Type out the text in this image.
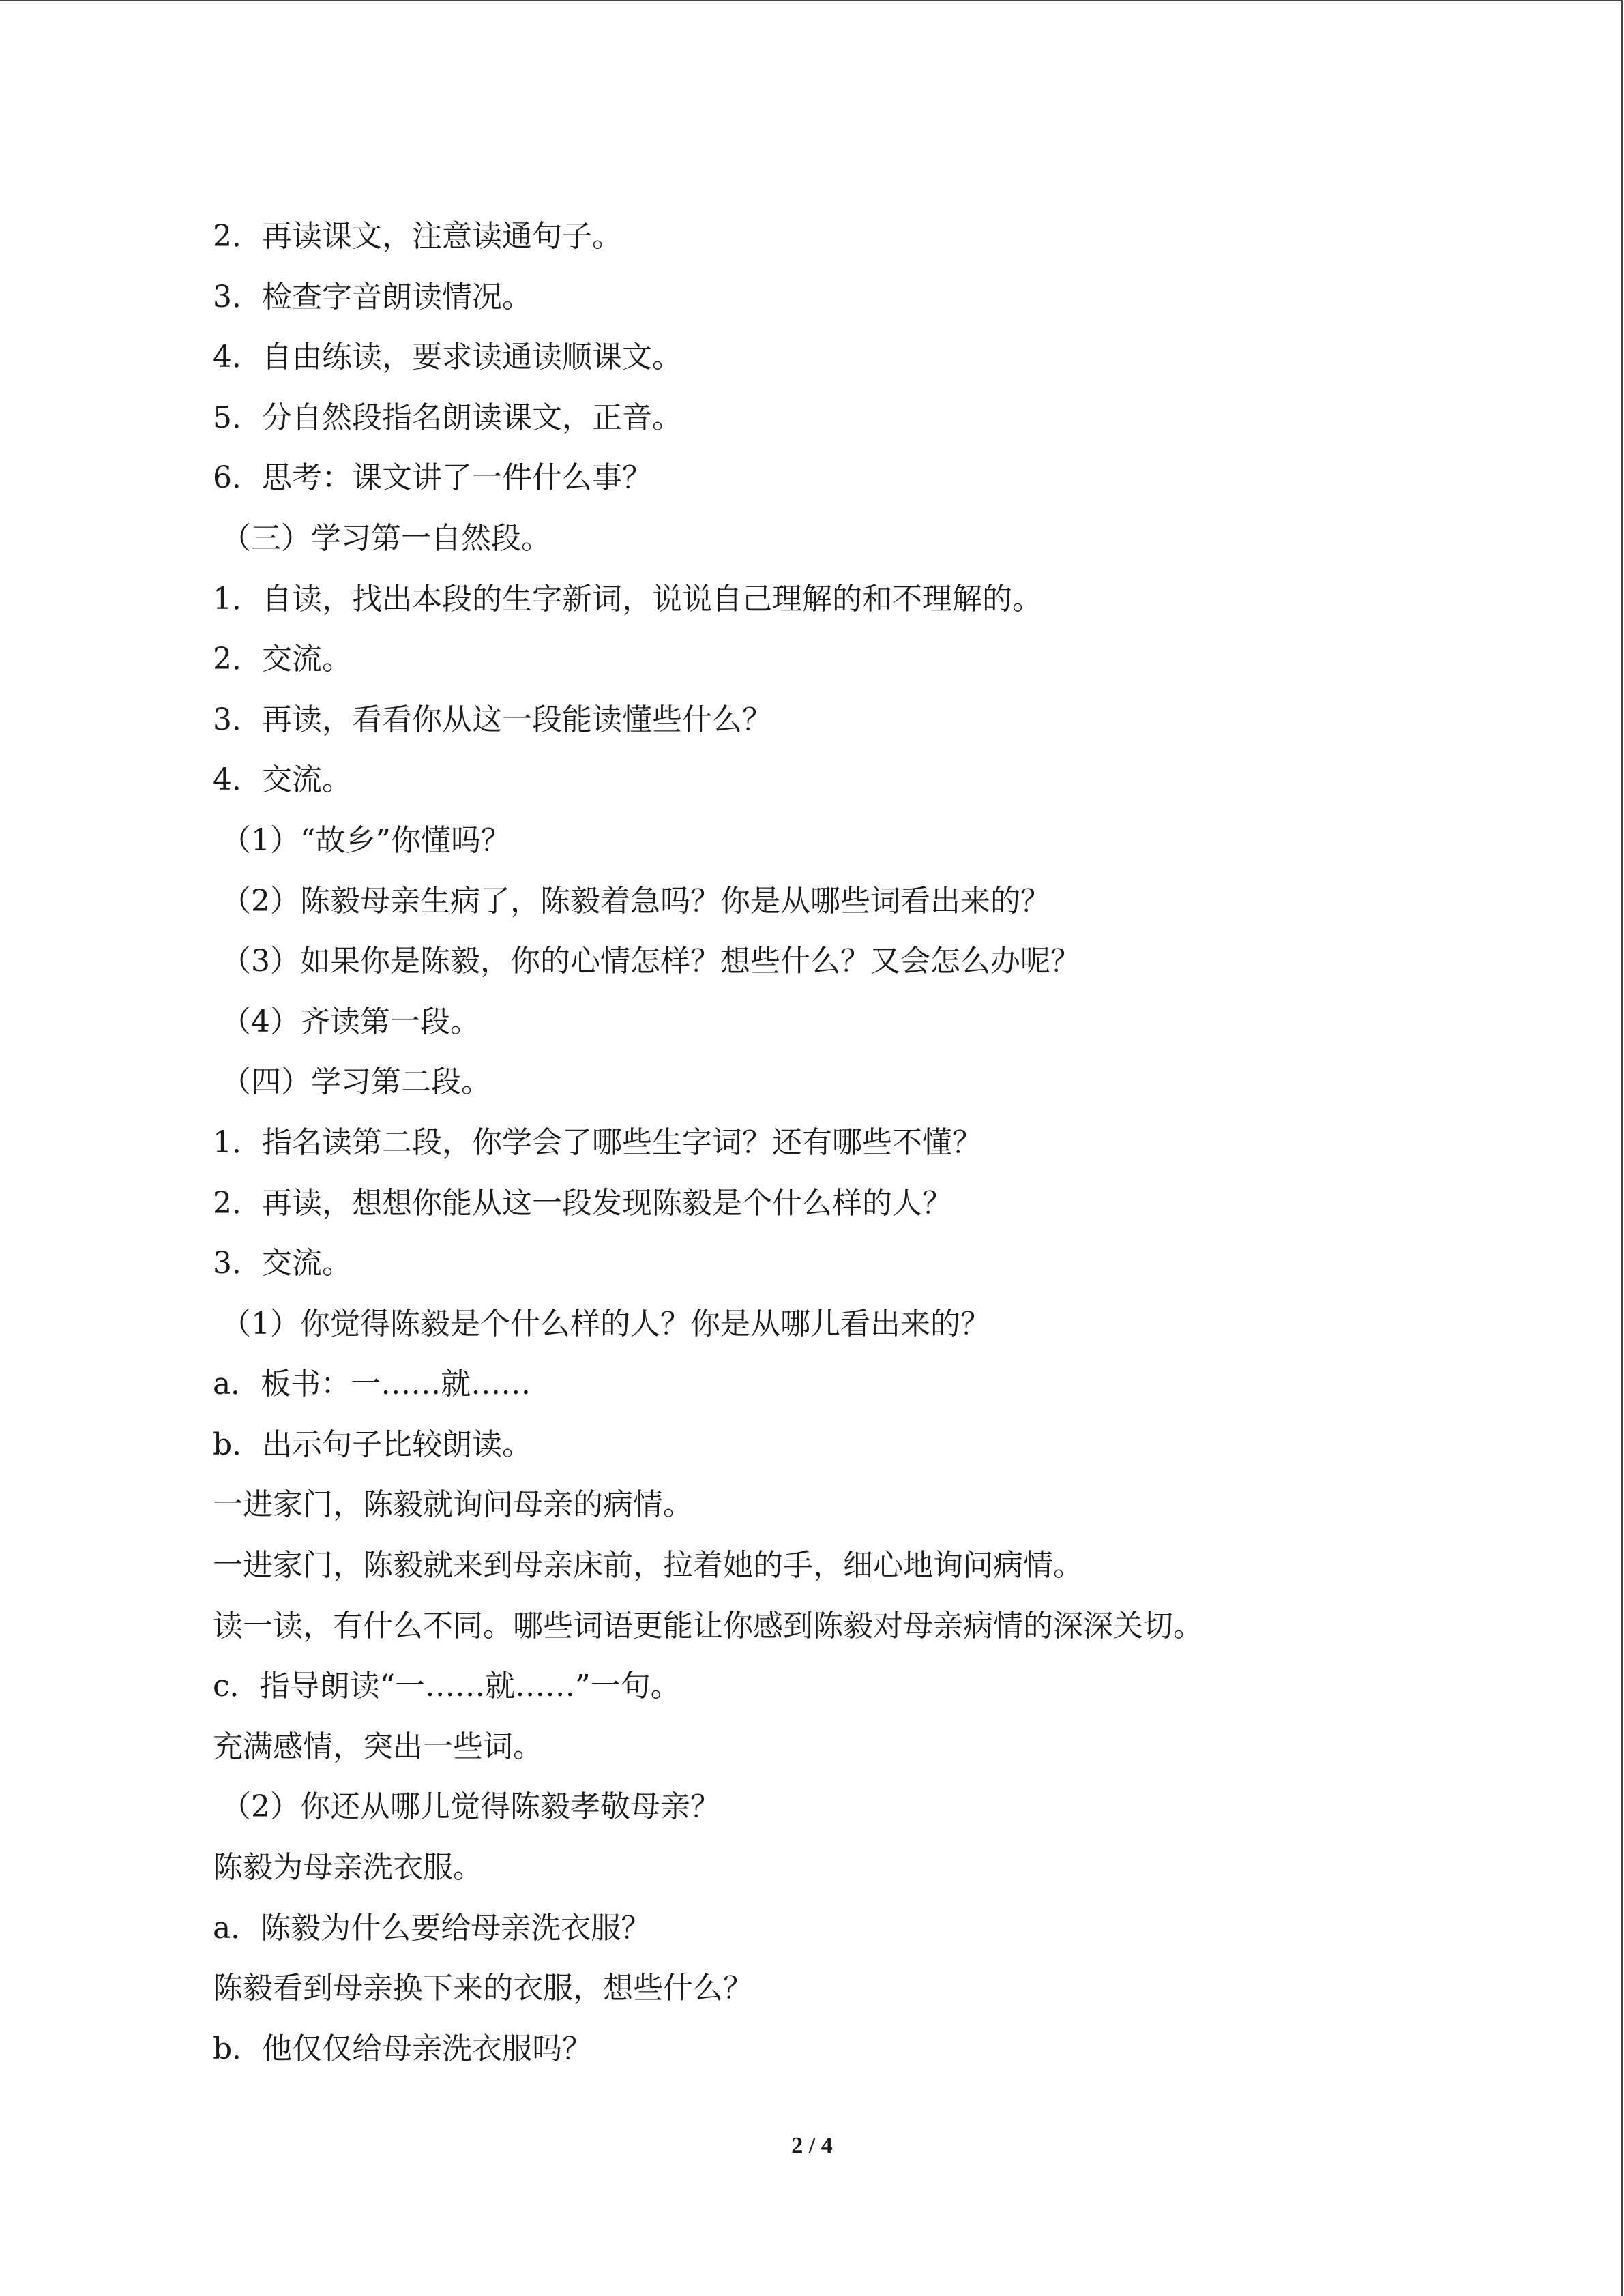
2．再读课文，注意读通句子。
3．检查字音朗读情况。
4．自由练读，要求读通读顺课文。
5．分自然段指名朗读课文，正音。
6．思考：课文讲了一件什么事？
（三）学习第一自然段。
1．自读，找出本段的生字新词，说说自己理解的和不理解的。
2．交流。
3．再读，看看你从这一段能读懂些什么？
4．交流。
（1）“故乡”你懂吗？
（2）陈毅母亲生病了，陈毅着急吗？你是从哪些词看出来的？
（3）如果你是陈毅，你的心情怎样？想些什么？又会怎么办呢？
（4）齐读第一段。
（四）学习第二段。
1．指名读第二段，你学会了哪些生字词？还有哪些不懂？
2．再读，想想你能从这一段发现陈毅是个什么样的人？
3．交流。
（1）你觉得陈毅是个什么样的人？你是从哪儿看出来的？
a．板书：一……就……
b．出示句子比较朗读。
一进家门，陈毅就询问母亲的病情。
一进家门，陈毅就来到母亲床前，拉着她的手，细心地询问病情。
读一读，有什么不同。哪些词语更能让你感到陈毅对母亲病情的深深关切。
c．指导朗读“一……就……”一句。
充满感情，突出一些词。
（2）你还从哪儿觉得陈毅孝敬母亲？
陈毅为母亲洗衣服。
a．陈毅为什么要给母亲洗衣服？
陈毅看到母亲换下来的衣服，想些什么？
b．他仅仅给母亲洗衣服吗？
2 / 4
